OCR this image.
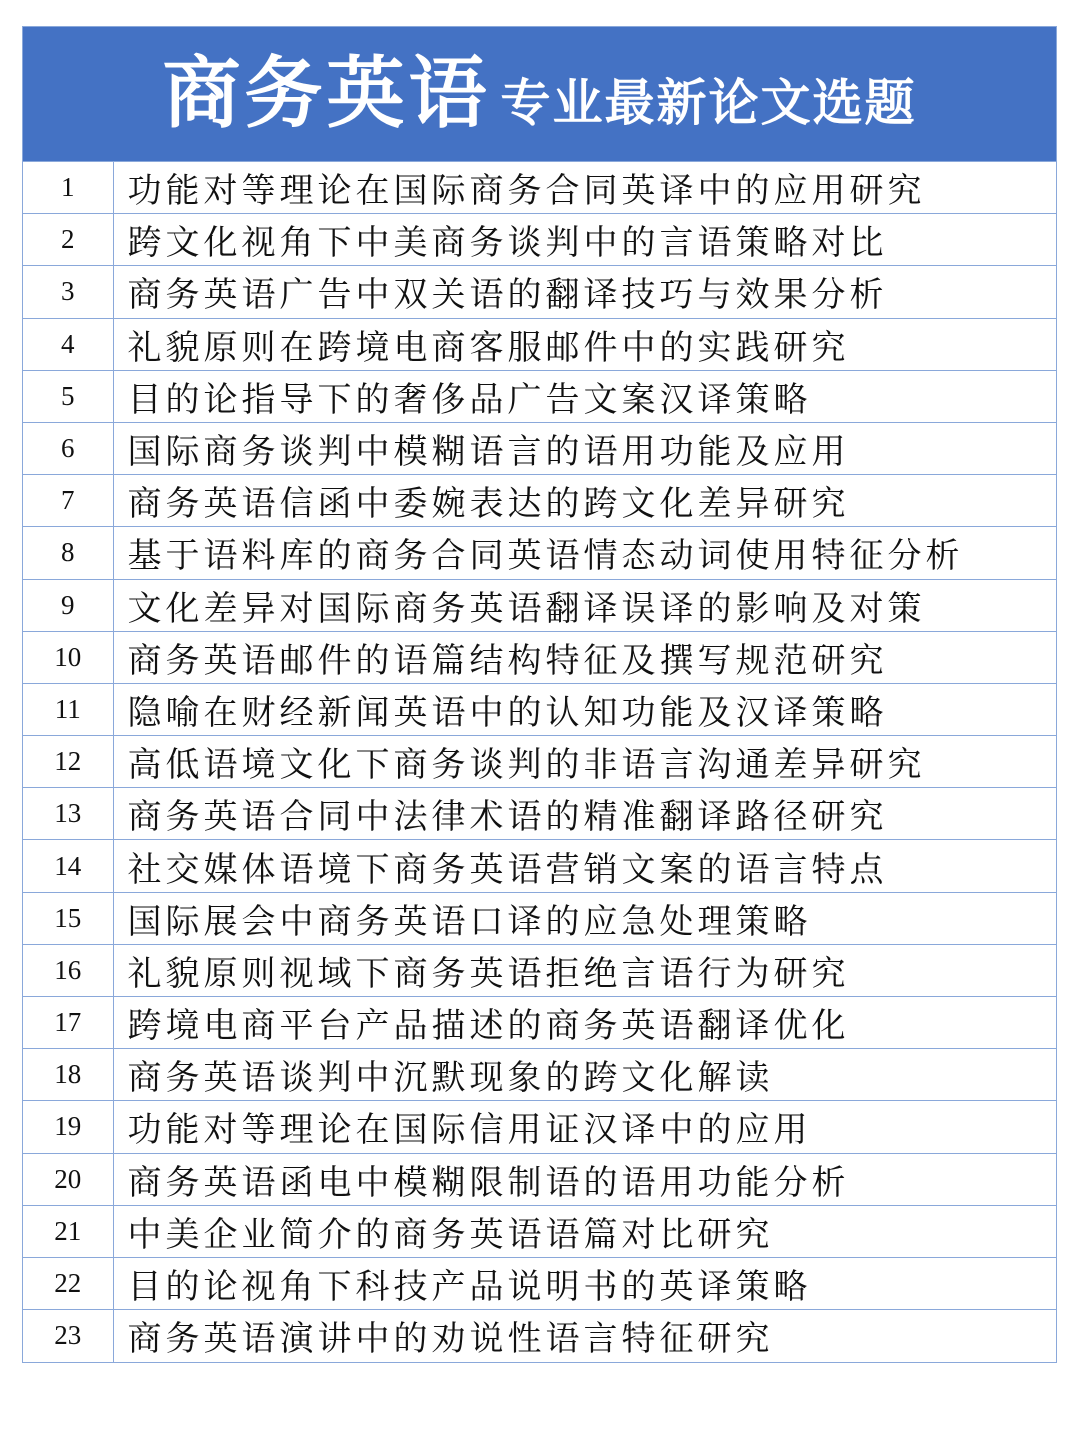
商务英语 专业最新论文选题
1	功能对等理论在国际商务合同英译中的应用研究
2	跨文化视角下中美商务谈判中的言语策略对比
3	商务英语广告中双关语的翻译技巧与效果分析
4	礼貌原则在跨境电商客服邮件中的实践研究
5	目的论指导下的奢侈品广告文案汉译策略
6	国际商务谈判中模糊语言的语用功能及应用
7	商务英语信函中委婉表达的跨文化差异研究
8	基于语料库的商务合同英语情态动词使用特征分析
9	文化差异对国际商务英语翻译误译的影响及对策
10	商务英语邮件的语篇结构特征及撰写规范研究
11	隐喻在财经新闻英语中的认知功能及汉译策略
12	高低语境文化下商务谈判的非语言沟通差异研究
13	商务英语合同中法律术语的精准翻译路径研究
14	社交媒体语境下商务英语营销文案的语言特点
15	国际展会中商务英语口译的应急处理策略
16	礼貌原则视域下商务英语拒绝言语行为研究
17	跨境电商平台产品描述的商务英语翻译优化
18	商务英语谈判中沉默现象的跨文化解读
19	功能对等理论在国际信用证汉译中的应用
20	商务英语函电中模糊限制语的语用功能分析
21	中美企业简介的商务英语语篇对比研究
22	目的论视角下科技产品说明书的英译策略
23	商务英语演讲中的劝说性语言特征研究
